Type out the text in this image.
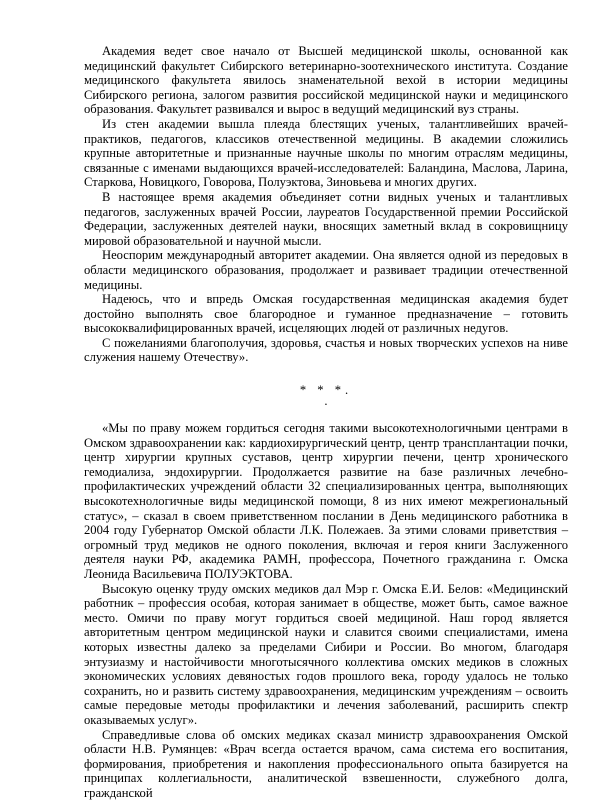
Академия ведет свое начало от Высшей медицинской школы, основанной как медицинский факультет Сибирского ветеринарно-зоотехнического института. Создание медицинского факультета явилось знаменательной вехой в истории медицины Сибирского региона, залогом развития российской медицинской науки и медицинского образования. Факультет развивался и вырос в ведущий медицинский вуз страны.

Из стен академии вышла плеяда блестящих ученых, талантливейших врачей-практиков, педагогов, классиков отечественной медицины. В академии сложились крупные авторитетные и признанные научные школы по многим отраслям медицины, связанные с именами выдающихся врачей-исследователей: Баландина, Маслова, Ларина, Старкова, Новицкого, Говорова, Полуэктова, Зиновьева и многих других.

В настоящее время академия объединяет сотни видных ученых и талантливых педагогов, заслуженных врачей России, лауреатов Государственной премии Российской Федерации, заслуженных деятелей науки, вносящих заметный вклад в сокровищницу мировой образовательной и научной мысли.

Неоспорим международный авторитет академии. Она является одной из передовых в области медицинского образования, продолжает и развивает традиции отечественной медицины.

Надеюсь, что и впредь Омская государственная медицинская академия будет достойно выполнять свое благородное и гуманное предназначение – готовить высококвалифицированных врачей, исцеляющих людей от различных недугов.

С пожеланиями благополучия, здоровья, счастья и новых творческих успехов на ниве служения нашему Отечеству».

* * *.
.

«Мы по праву можем гордиться сегодня такими высокотехнологичными центрами в Омском здравоохранении как: кардиохирургический центр, центр трансплантации почки, центр хирургии крупных суставов, центр хирургии печени, центр хронического гемодиализа, эндохирургии. Продолжается развитие на базе различных лечебно-профилактических учреждений области 32 специализированных центра, выполняющих высокотехнологичные виды медицинской помощи, 8 из них имеют межрегиональный статус», – сказал в своем приветственном послании в День медицинского работника в 2004 году Губернатор Омской области Л.К. Полежаев. За этими словами приветствия – огромный труд медиков не одного поколения, включая и героя книги Заслуженного деятеля науки РФ, академика РАМН, профессора, Почетного гражданина г. Омска Леонида Васильевича ПОЛУЭКТОВА.

Высокую оценку труду омских медиков дал Мэр г. Омска Е.И. Белов: «Медицинский работник – профессия особая, которая занимает в обществе, может быть, самое важное место. Омичи по праву могут гордиться своей медициной. Наш город является авторитетным центром медицинской науки и славится своими специалистами, имена которых известны далеко за пределами Сибири и России. Во многом, благодаря энтузиазму и настойчивости многотысячного коллектива омских медиков в сложных экономических условиях девяностых годов прошлого века, городу удалось не только сохранить, но и развить систему здравоохранения, медицинским учреждениям – освоить самые передовые методы профилактики и лечения заболеваний, расширить спектр оказываемых услуг».

Справедливые слова об омских медиках сказал министр здравоохранения Омской области Н.В. Румянцев: «Врач всегда остается врачом, сама система его воспитания, формирования, приобретения и накопления профессионального опыта базируется на принципах коллегиальности, аналитической взвешенности, служебного долга, гражданской
